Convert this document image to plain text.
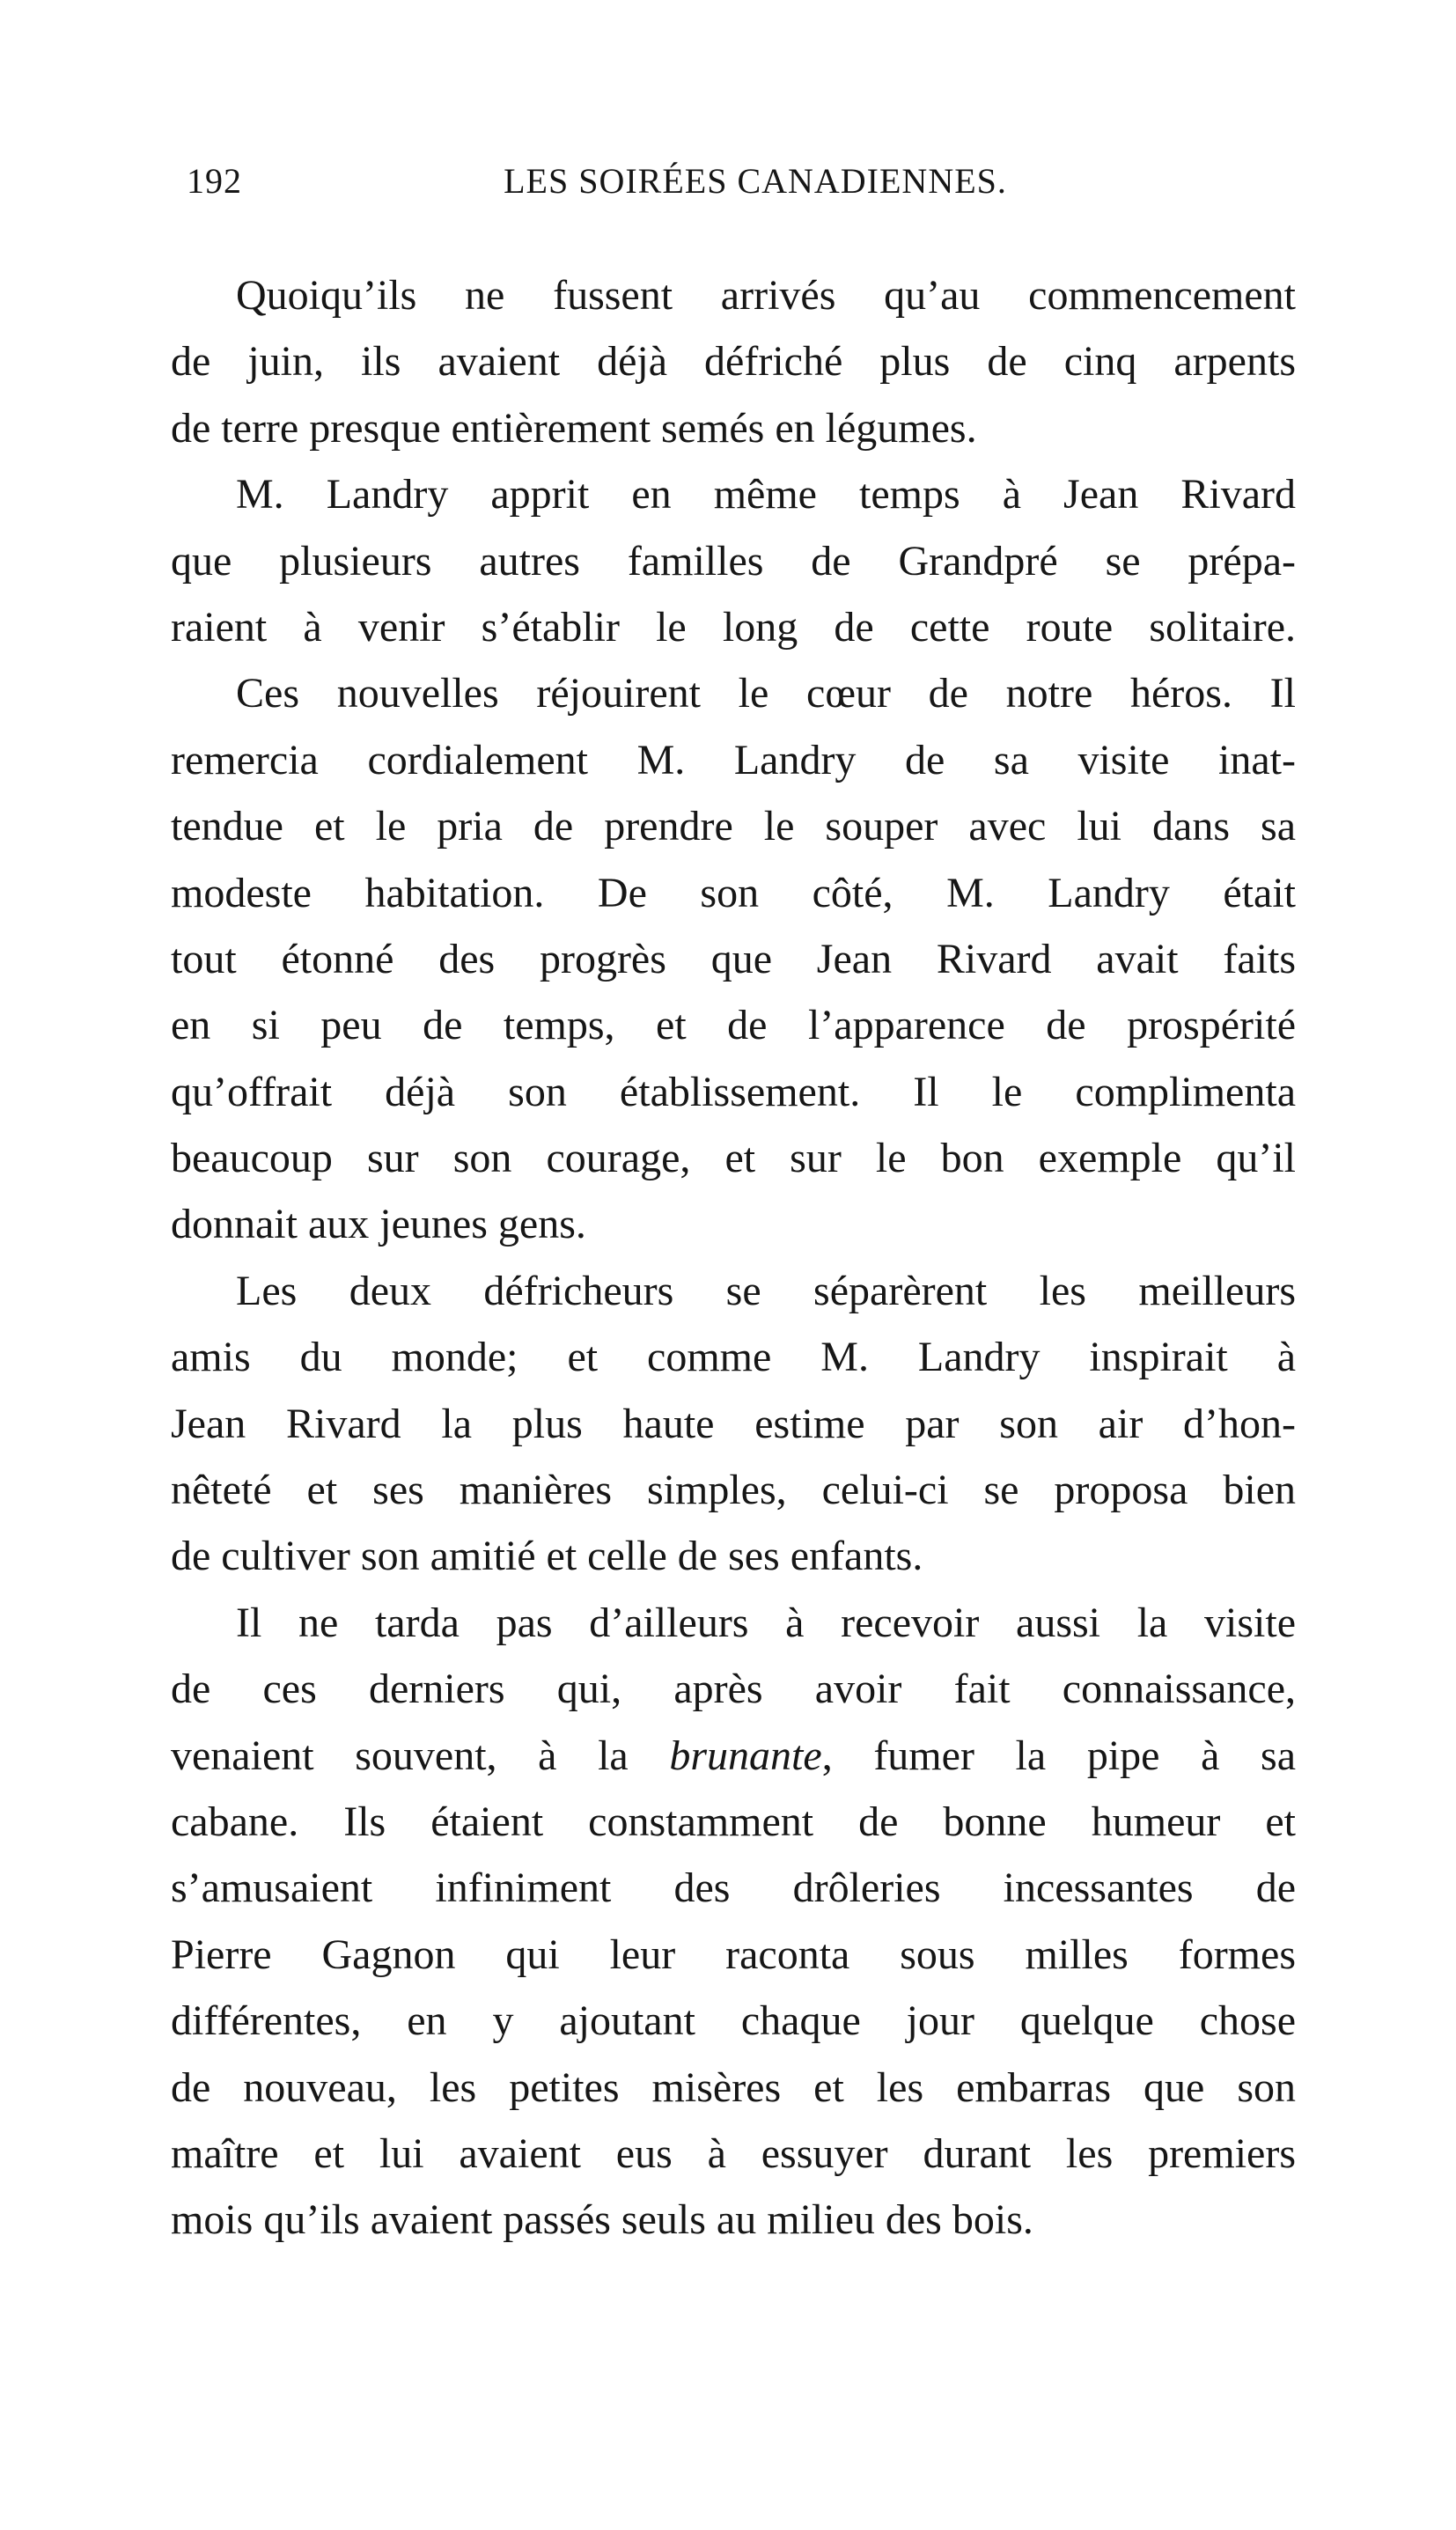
192	LES SOIRÉES CANADIENNES.
Quoiqu’ils ne fussent arrivés qu’au commencement
de juin, ils avaient déjà défriché plus de cinq arpents
de terre presque entièrement semés en légumes.
M. Landry apprit en même temps à Jean Rivard
que plusieurs autres familles de Grandpré se prépa-
raient à venir s’établir le long de cette route solitaire.
Ces nouvelles réjouirent le cœur de notre héros. Il
remercia cordialement M. Landry de sa visite inat-
tendue et le pria de prendre le souper avec lui dans sa
modeste habitation. De son côté, M. Landry était
tout étonné des progrès que Jean Rivard avait faits
en si peu de temps, et de l’apparence de prospérité
qu’offrait déjà son établissement. Il le complimenta
beaucoup sur son courage, et sur le bon exemple qu’il
donnait aux jeunes gens.
Les deux défricheurs se séparèrent les meilleurs
amis du monde; et comme M. Landry inspirait à
Jean Rivard la plus haute estime par son air d’hon-
nêteté et ses manières simples, celui-ci se proposa bien
de cultiver son amitié et celle de ses enfants.
Il ne tarda pas d’ailleurs à recevoir aussi la visite
de ces derniers qui, après avoir fait connaissance,
venaient souvent, à la brunante, fumer la pipe à sa
cabane. Ils étaient constamment de bonne humeur et
s’amusaient infiniment des drôleries incessantes de
Pierre Gagnon qui leur raconta sous milles formes
différentes, en y ajoutant chaque jour quelque chose
de nouveau, les petites misères et les embarras que son
maître et lui avaient eus à essuyer durant les premiers
mois qu’ils avaient passés seuls au milieu des bois.
